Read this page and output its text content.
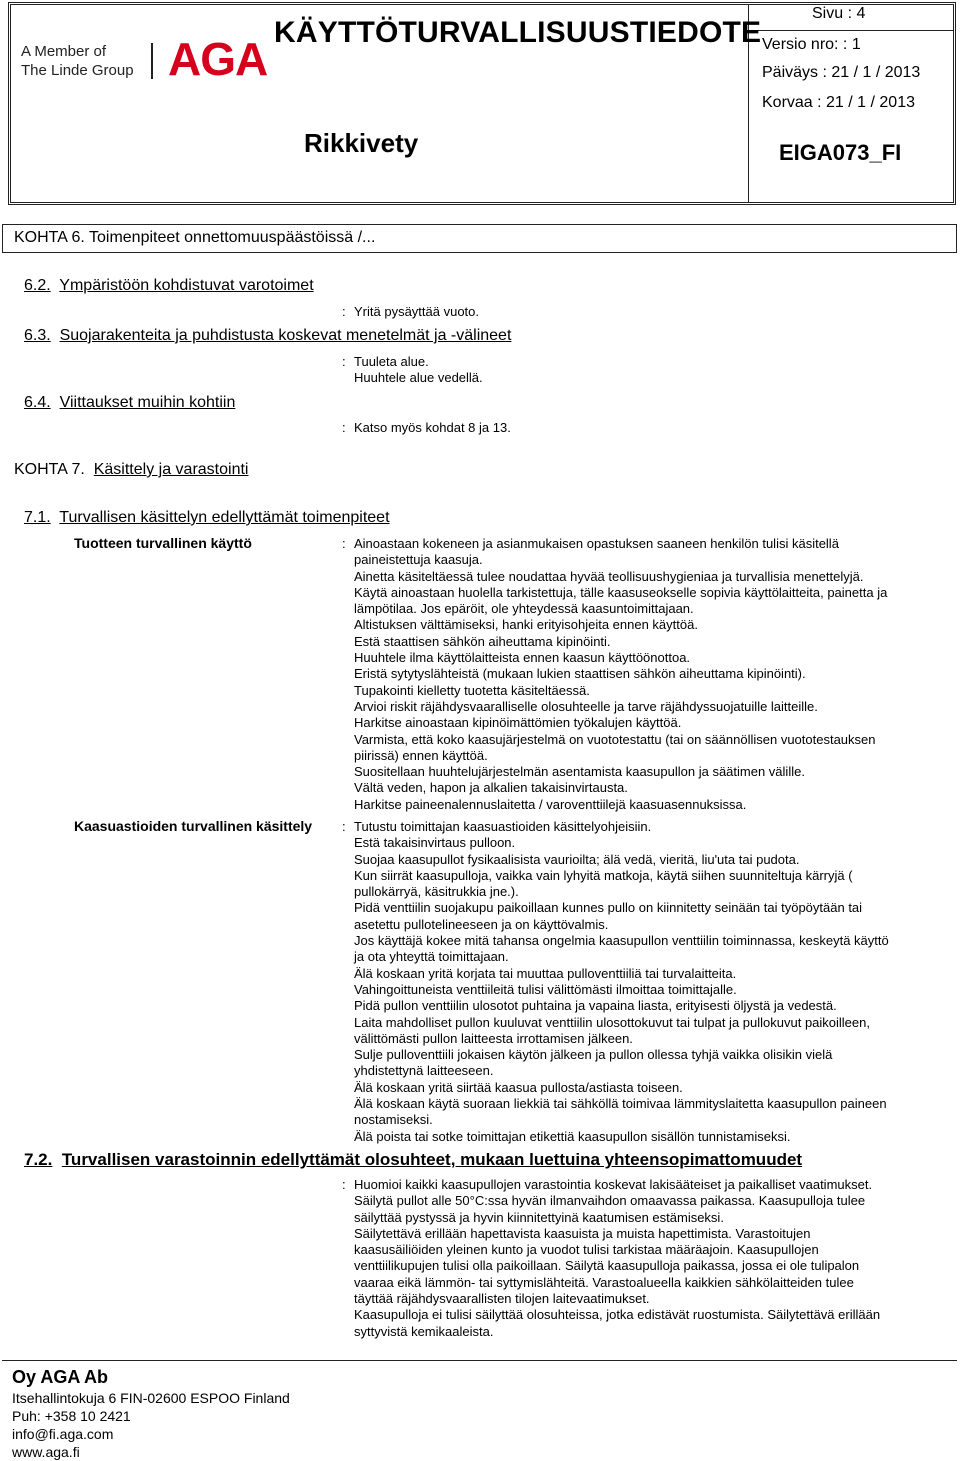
A Member of
The Linde Group AGA
KÄYTTÖTURVALLISUUSTIEDOTE
Rikkivety
Sivu : 4
Versio nro: : 1
Päiväys : 21 / 1 / 2013
Korvaa : 21 / 1 / 2013
EIGA073_FI
KOHTA 6. Toimenpiteet onnettomuuspäästöissä /...
6.2. Ympäristöön kohdistuvat varotoimet
: Yritä pysäyttää vuoto.
6.3. Suojarakenteita ja puhdistusta koskevat menetelmät ja -välineet
: Tuuleta alue.
Huuhtele alue vedellä.
6.4. Viittaukset muihin kohtiin
: Katso myös kohdat 8 ja 13.
KOHTA 7. Käsittely ja varastointi
7.1. Turvallisen käsittelyn edellyttämät toimenpiteet
Tuotteen turvallinen käyttö	: Ainoastaan kokeneen ja asianmukaisen opastuksen saaneen henkilön tulisi käsitellä
paineistettuja kaasuja.
Ainetta käsiteltäessä tulee noudattaa hyvää teollisuushygieniaa ja turvallisia menettelyjä.
Käytä ainoastaan huolella tarkistettuja, tälle kaasuseokselle sopivia käyttölaitteita, painetta ja
lämpötilaa. Jos epäröit, ole yhteydessä kaasuntoimittajaan.
Altistuksen välttämiseksi, hanki erityisohjeita ennen käyttöä.
Estä staattisen sähkön aiheuttama kipinöinti.
Huuhtele ilma käyttölaitteista ennen kaasun käyttöönottoa.
Eristä sytytyslähteistä (mukaan lukien staattisen sähkön aiheuttama kipinöinti).
Tupakointi kielletty tuotetta käsiteltäessä.
Arvioi riskit räjähdysvaaralliselle olosuhteelle ja tarve räjähdyssuojatuille laitteille.
Harkitse ainoastaan kipinöimättömien työkalujen käyttöä.
Varmista, että koko kaasujärjestelmä on vuototestattu (tai on säännöllisen vuototestauksen
piirissä) ennen käyttöä.
Suositellaan huuhtelujärjestelmän asentamista kaasupullon ja säätimen välille.
Vältä veden, hapon ja alkalien takaisinvirtausta.
Harkitse paineenalennuslaitetta / varoventtiilejä kaasuasennuksissa.
Kaasuastioiden turvallinen käsittely : Tutustu toimittajan kaasuastioiden käsittelyohjeisiin.
Estä takaisinvirtaus pulloon.
Suojaa kaasupullot fysikaalisista vaurioilta; älä vedä, vieritä, liu'uta tai pudota.
Kun siirrät kaasupulloja, vaikka vain lyhyitä matkoja, käytä siihen suunniteltuja kärryjä (
pullokärryä, käsitrukkia jne.).
Pidä venttiilin suojakupu paikoillaan kunnes pullo on kiinnitetty seinään tai työpöytään tai
asetettu pullotelineeseen ja on käyttövalmis.
Jos käyttäjä kokee mitä tahansa ongelmia kaasupullon venttiilin toiminnassa, keskeytä käyttö
ja ota yhteyttä toimittajaan.
Älä koskaan yritä korjata tai muuttaa pulloventtiiliä tai turvalaitteita.
Vahingoittuneista venttiileitä tulisi välittömästi ilmoittaa toimittajalle.
Pidä pullon venttiilin ulosotot puhtaina ja vapaina liasta, erityisesti öljystä ja vedestä.
Laita mahdolliset pullon kuuluvat venttiilin ulosottokuvut tai tulpat ja pullokuvut paikoilleen,
välittömästi pullon laitteesta irrottamisen jälkeen.
Sulje pulloventtiili jokaisen käytön jälkeen ja pullon ollessa tyhjä vaikka olisikin vielä
yhdistettynä laitteeseen.
Älä koskaan yritä siirtää kaasua pullosta/astiasta toiseen.
Älä koskaan käytä suoraan liekkiä tai sähköllä toimivaa lämmityslaitetta kaasupullon paineen
nostamiseksi.
Älä poista tai sotke toimittajan etikettiä kaasupullon sisällön tunnistamiseksi.
7.2. Turvallisen varastoinnin edellyttämät olosuhteet, mukaan luettuina yhteensopimattomuudet
: Huomioi kaikki kaasupullojen varastointia koskevat lakisääteiset ja paikalliset vaatimukset.
Säilytä pullot alle 50°C:ssa hyvän ilmanvaihdon omaavassa paikassa. Kaasupulloja tulee
säilyttää pystyssä ja hyvin kiinnitettyinä kaatumisen estämiseksi.
Säilytettävä erillään hapettavista kaasuista ja muista hapettimista. Varastoitujen
kaasusäiliöiden yleinen kunto ja vuodot tulisi tarkistaa määräajoin. Kaasupullojen
venttiilikupujen tulisi olla paikoillaan. Säilytä kaasupulloja paikassa, jossa ei ole tulipalon
vaaraa eikä lämmön- tai syttymislähteitä. Varastoalueella kaikkien sähkölaitteiden tulee
täyttää räjähdysvaarallisten tilojen laitevaatimukset.
Kaasupulloja ei tulisi säilyttää olosuhteissa, jotka edistävät ruostumista. Säilytettävä erillään
syttyvistä kemikaaleista.
Oy AGA Ab
Itsehallintokuja 6 FIN-02600 ESPOO Finland
Puh: +358 10 2421
info@fi.aga.com
www.aga.fi
